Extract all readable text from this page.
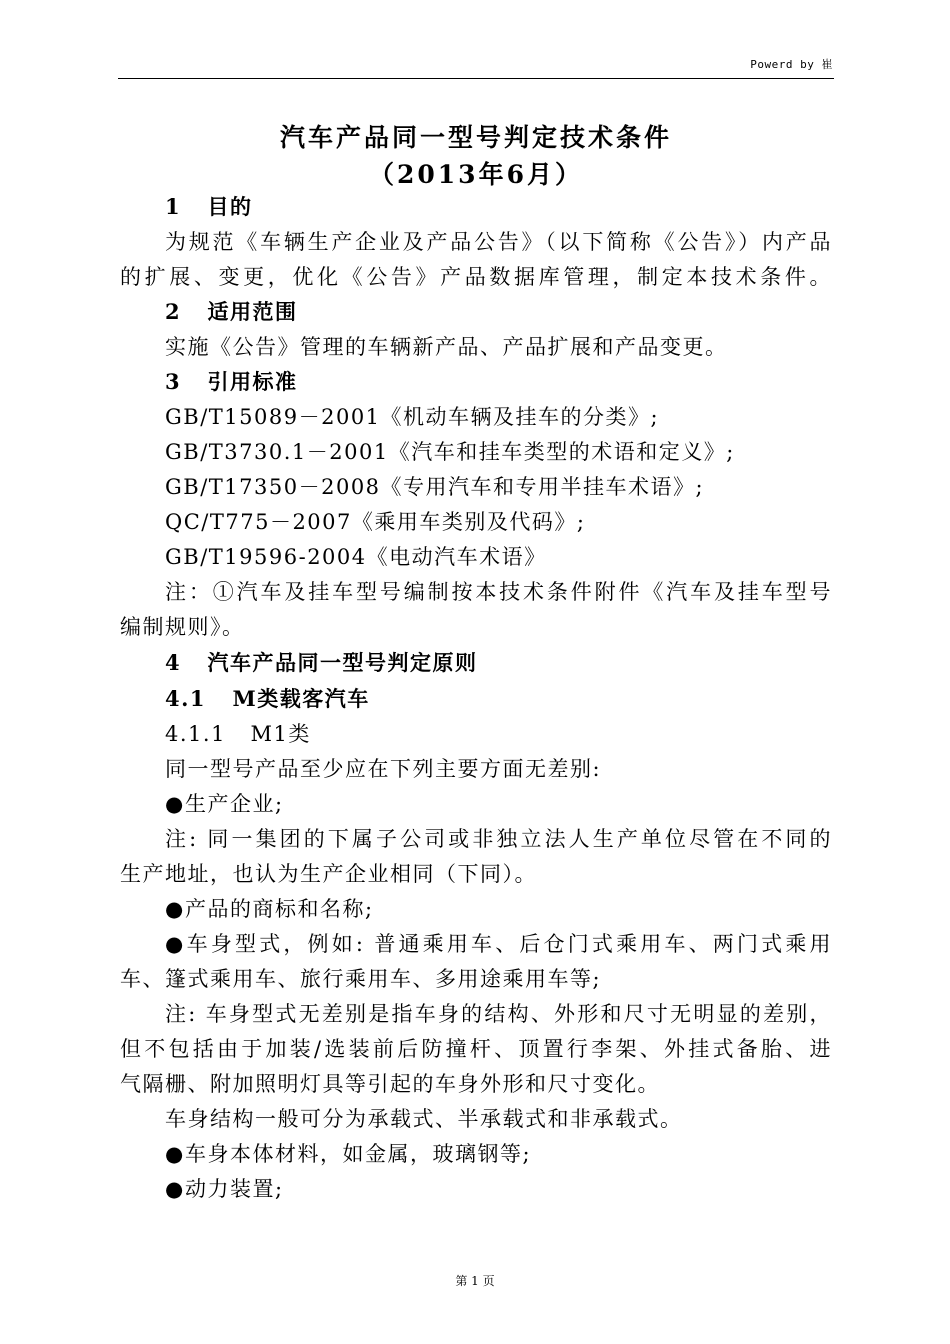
Powerd by 崔
汽车产品同一型号判定技术条件
（2013年6月）
1   目的
为规范《车辆生产企业及产品公告》（以下简称《公告》）内产品
的扩展、变更，优化《公告》产品数据库管理，制定本技术条件。
2   适用范围
实施《公告》管理的车辆新产品、产品扩展和产品变更。
3   引用标准
GB/T15089－2001《机动车辆及挂车的分类》;
GB/T3730.1－2001《汽车和挂车类型的术语和定义》;
GB/T17350－2008《专用汽车和专用半挂车术语》;
QC/T775－2007《乘用车类别及代码》;
GB/T19596-2004《电动汽车术语》
注：①汽车及挂车型号编制按本技术条件附件《汽车及挂车型号
编制规则》。
4   汽车产品同一型号判定原则
4.1   M类载客汽车
4.1.1   M1类
同一型号产品至少应在下列主要方面无差别:
●生产企业;
注: 同一集团的下属子公司或非独立法人生产单位尽管在不同的
生产地址，也认为生产企业相同（下同）。
●产品的商标和名称;
●车身型式，例如: 普通乘用车、后仓门式乘用车、两门式乘用
车、篷式乘用车、旅行乘用车、多用途乘用车等;
注: 车身型式无差别是指车身的结构、外形和尺寸无明显的差别，
但不包括由于加装/选装前后防撞杆、顶置行李架、外挂式备胎、进
气隔栅、附加照明灯具等引起的车身外形和尺寸变化。
车身结构一般可分为承载式、半承载式和非承载式。
●车身本体材料，如金属，玻璃钢等;
●动力装置;
第 1 页
